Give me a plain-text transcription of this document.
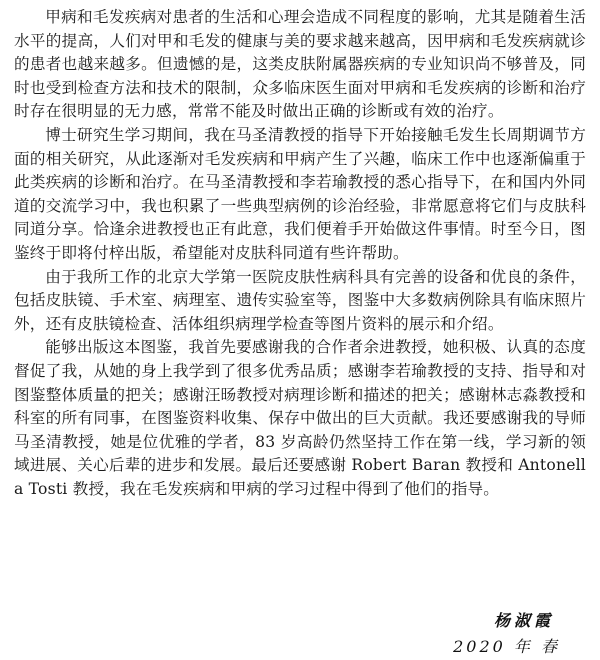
甲病和毛发疾病对患者的生活和心理会造成不同程度的影响，尤其是随着生活水平的提高，人们对甲和毛发的健康与美的要求越来越高，因甲病和毛发疾病就诊的患者也越来越多。但遗憾的是，这类皮肤附属器疾病的专业知识尚不够普及，同时也受到检查方法和技术的限制，众多临床医生面对甲病和毛发疾病的诊断和治疗时存在很明显的无力感，常常不能及时做出正确的诊断或有效的治疗。

博士研究生学习期间，我在马圣清教授的指导下开始接触毛发生长周期调节方面的相关研究，从此逐渐对毛发疾病和甲病产生了兴趣，临床工作中也逐渐偏重于此类疾病的诊断和治疗。在马圣清教授和李若瑜教授的悉心指导下，在和国内外同道的交流学习中，我也积累了一些典型病例的诊治经验，非常愿意将它们与皮肤科同道分享。恰逢余进教授也正有此意，我们便着手开始做这件事情。时至今日，图鉴终于即将付梓出版，希望能对皮肤科同道有些许帮助。

由于我所工作的北京大学第一医院皮肤性病科具有完善的设备和优良的条件，包括皮肤镜、手术室、病理室、遗传实验室等，图鉴中大多数病例除具有临床照片外，还有皮肤镜检查、活体组织病理学检查等图片资料的展示和介绍。

能够出版这本图鉴，我首先要感谢我的合作者余进教授，她积极、认真的态度督促了我，从她的身上我学到了很多优秀品质；感谢李若瑜教授的支持、指导和对图鉴整体质量的把关；感谢汪旸教授对病理诊断和描述的把关；感谢林志淼教授和科室的所有同事，在图鉴资料收集、保存中做出的巨大贡献。我还要感谢我的导师马圣清教授，她是位优雅的学者，83 岁高龄仍然坚持工作在第一线，学习新的领域进展、关心后辈的进步和发展。最后还要感谢 Robert Baran 教授和 Antonella Tosti 教授，我在毛发疾病和甲病的学习过程中得到了他们的指导。

杨淑霞
2020 年 春
